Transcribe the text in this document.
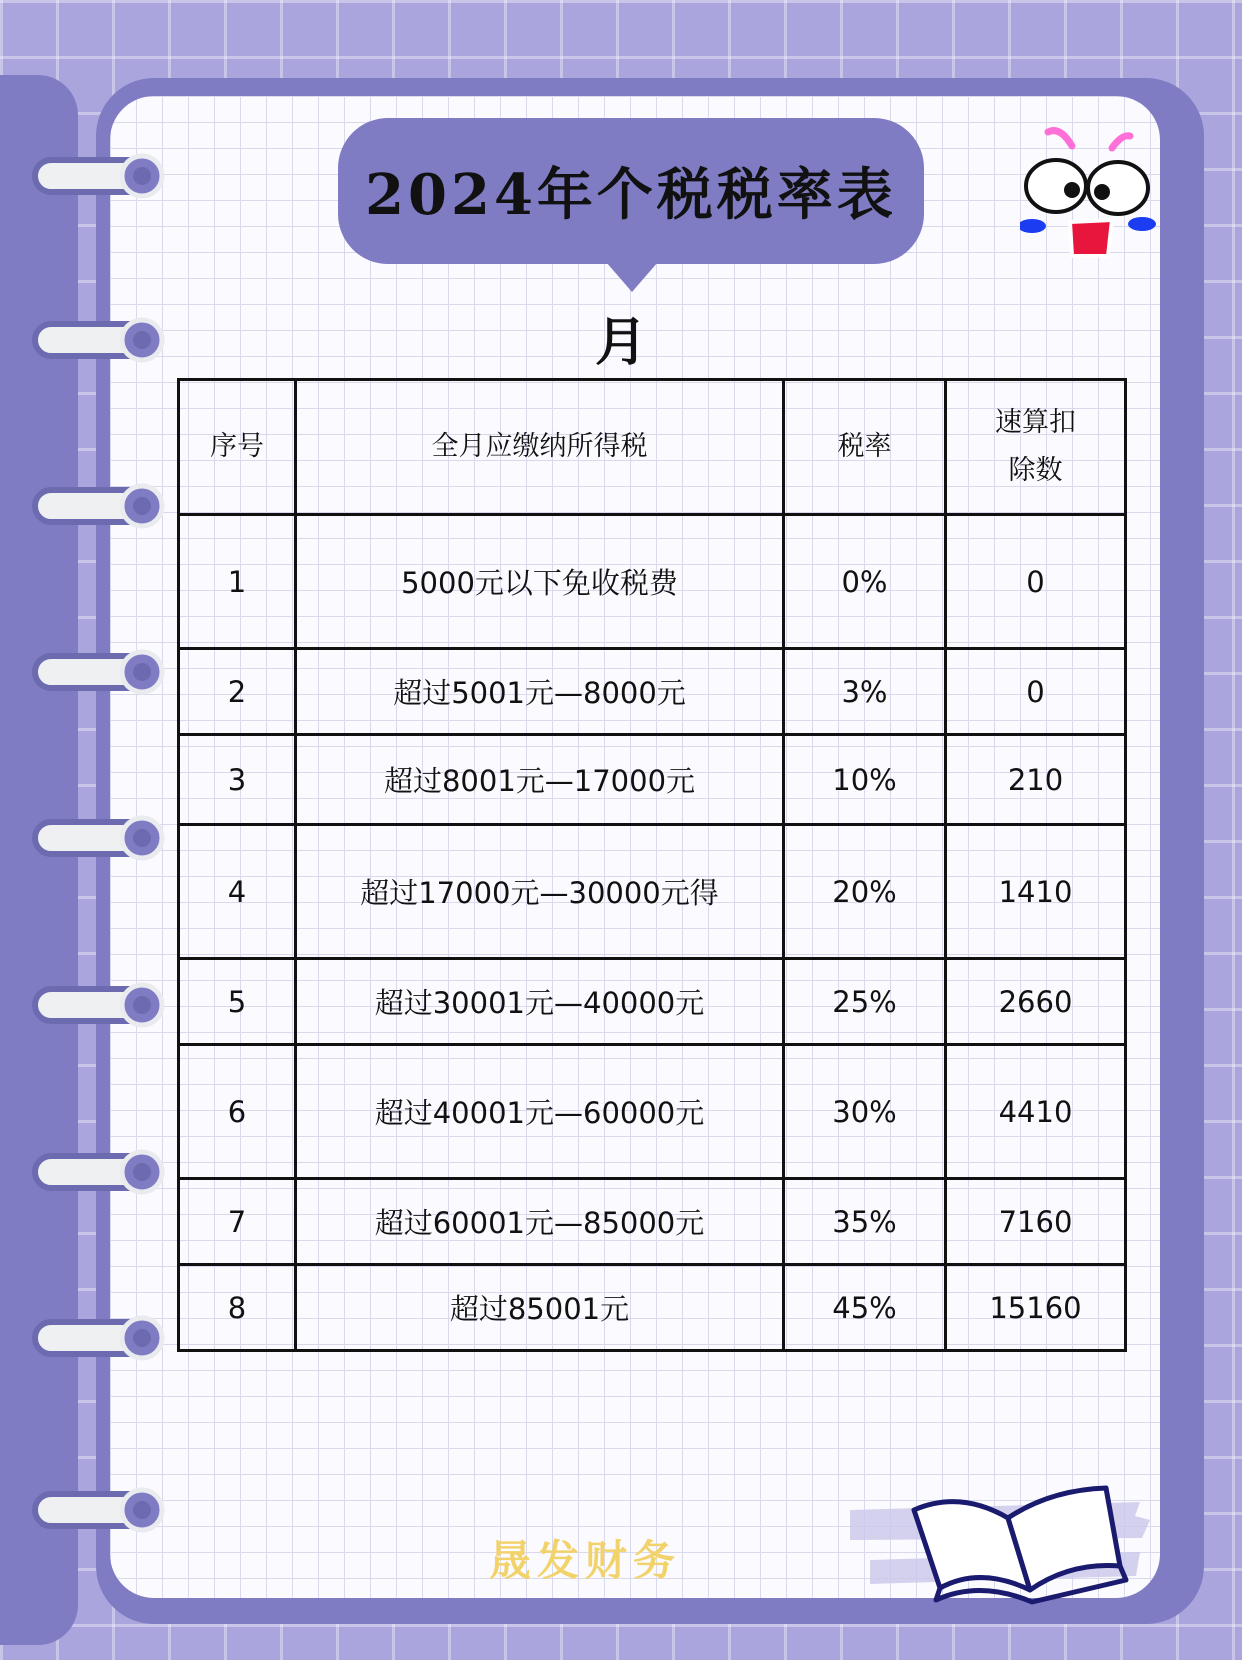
2024年个税税率表
月
序号	全月应缴纳所得税	税率	速算扣
除数
1	5000元以下免收税费	0%	0
2	超过5001元—8000元	3%	0
3	超过8001元—17000元	10%	210
4	超过17000元—30000元得	20%	1410
5	超过30001元—40000元	25%	2660
6	超过40001元—60000元	30%	4410
7	超过60001元—85000元	35%	7160
8	超过85001元	45%	15160
晟发财务
